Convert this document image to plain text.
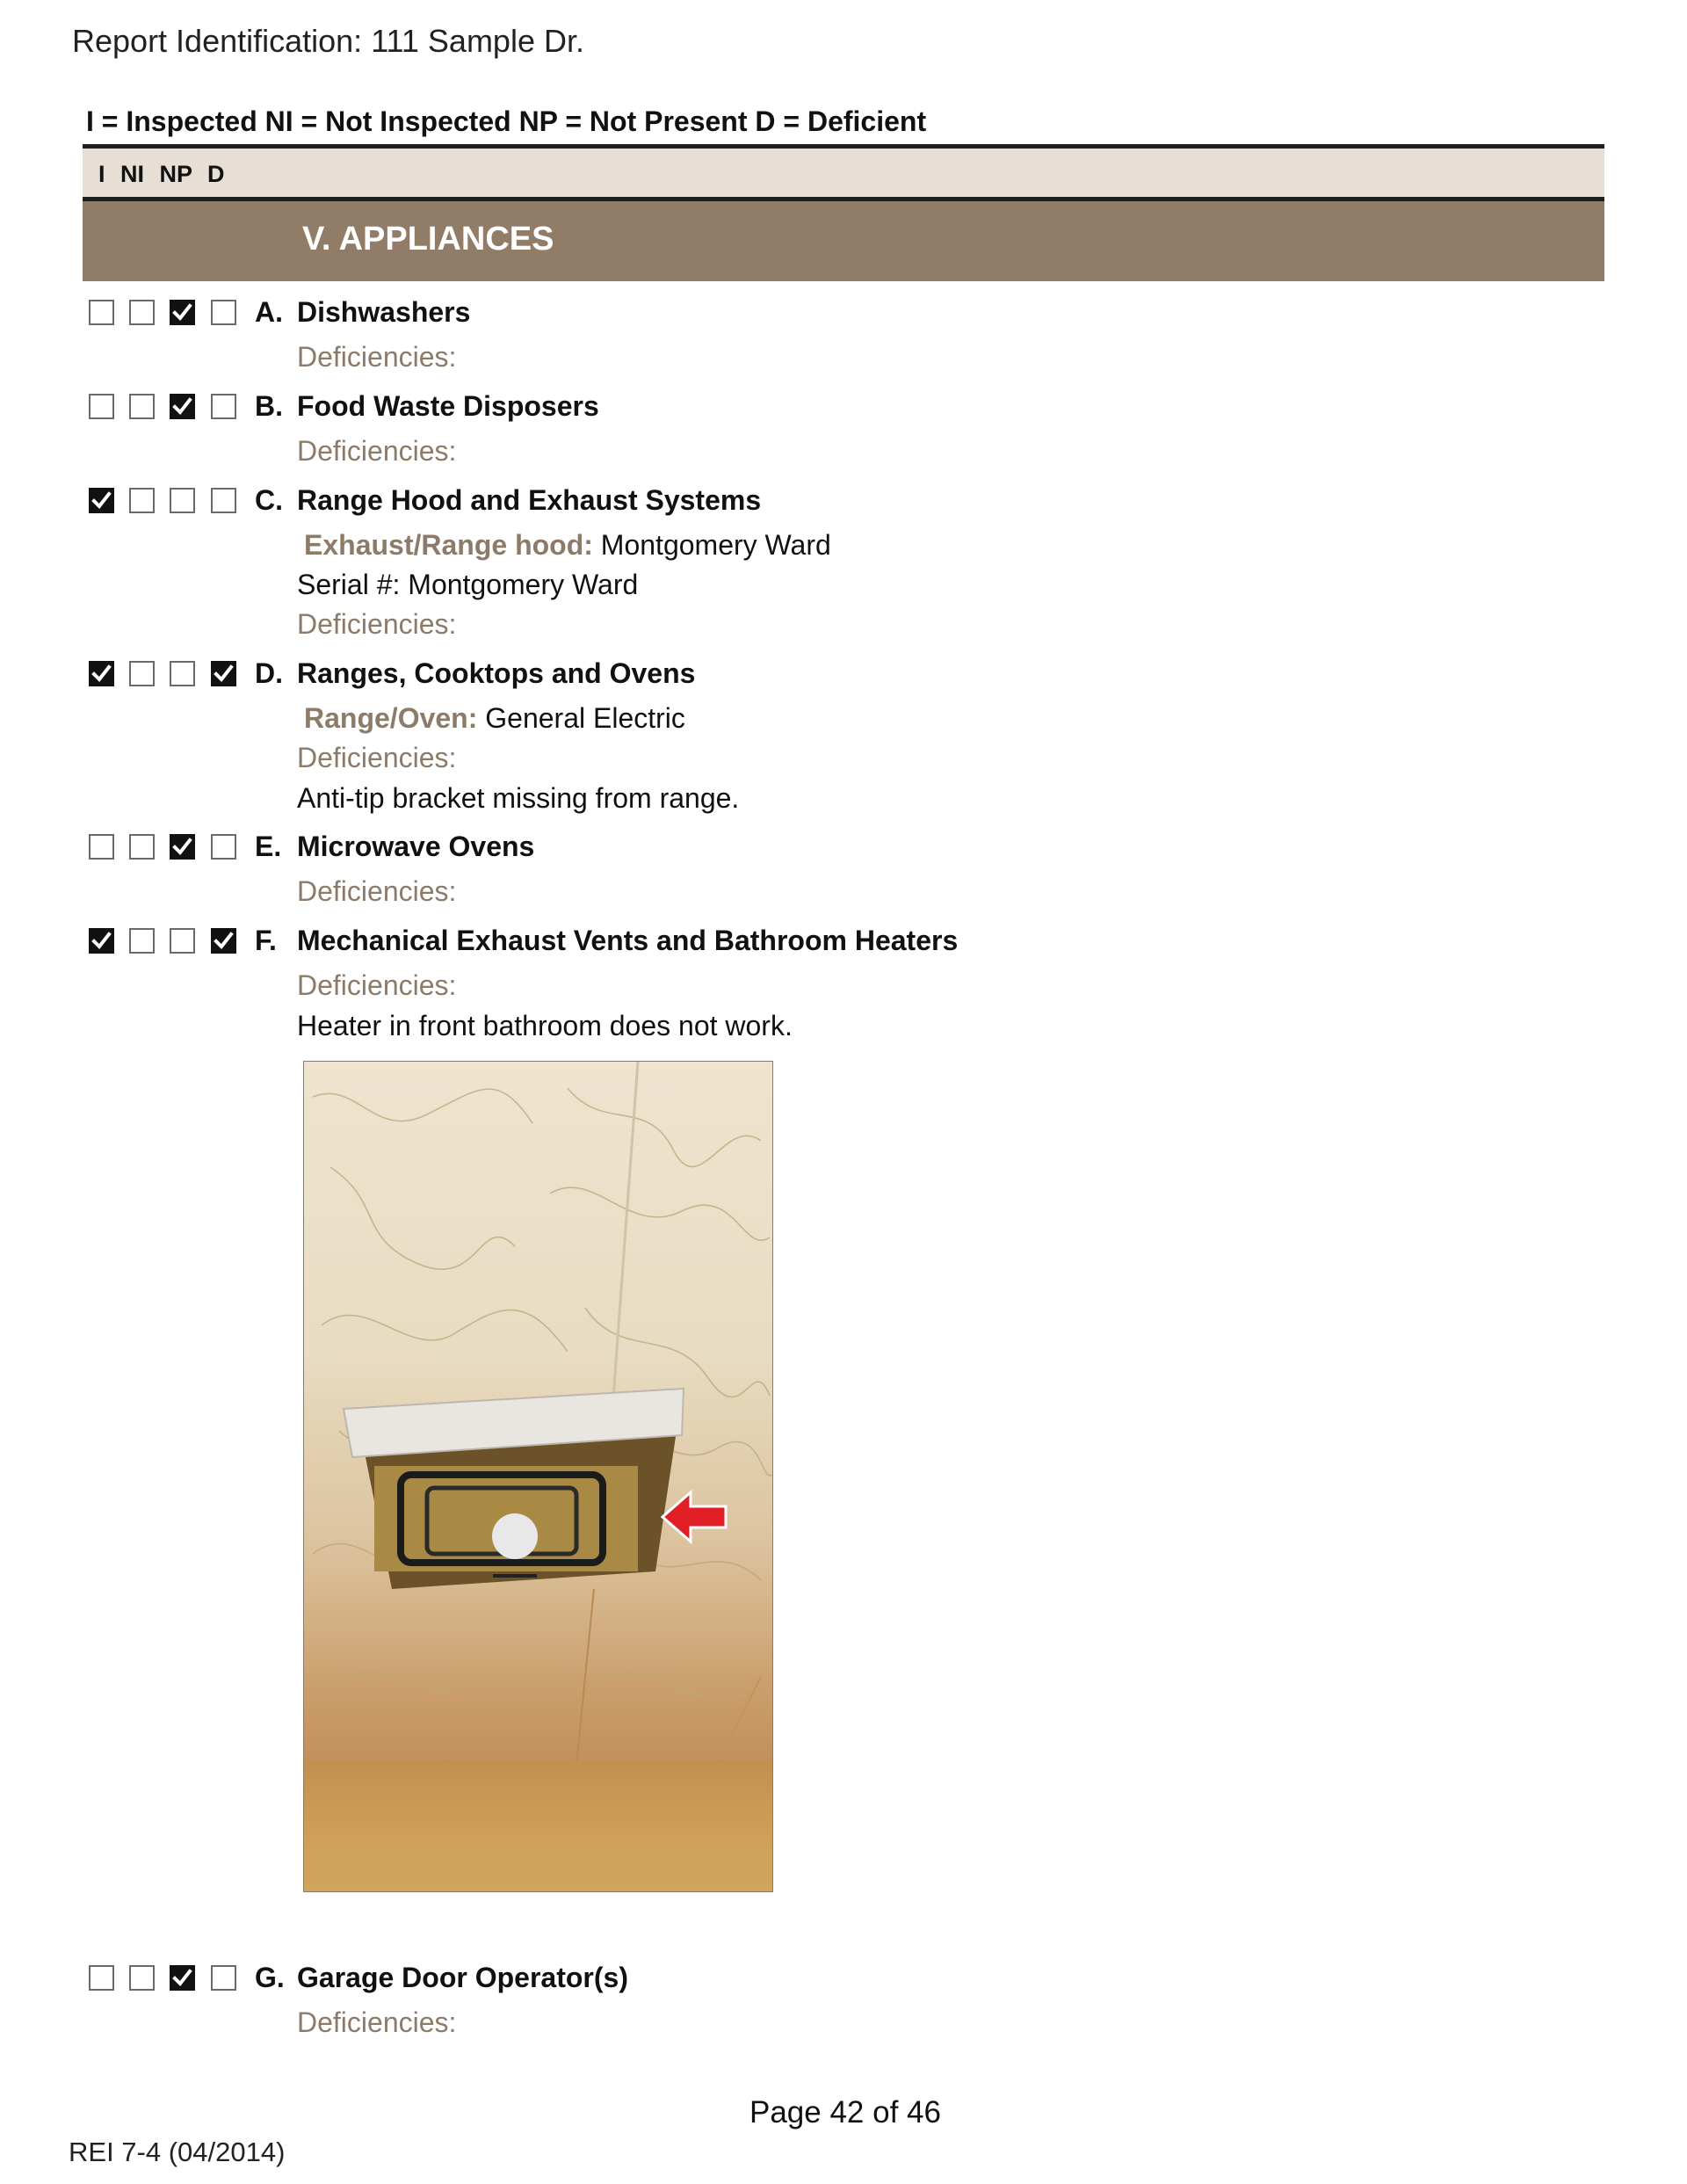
Report Identification: 111 Sample Dr.
I = Inspected NI = Not Inspected NP = Not Present D = Deficient
I NI NP D
V. APPLIANCES
A. Dishwashers
Deficiencies:
B. Food Waste Disposers
Deficiencies:
C. Range Hood and Exhaust Systems
Exhaust/Range hood: Montgomery Ward
Serial #: Montgomery Ward
Deficiencies:
D. Ranges, Cooktops and Ovens
Range/Oven: General Electric
Deficiencies:
Anti-tip bracket missing from range.
E. Microwave Ovens
Deficiencies:
F. Mechanical Exhaust Vents and Bathroom Heaters
Deficiencies:
Heater in front bathroom does not work.
G. Garage Door Operator(s)
Deficiencies:
Page 42 of 46
REI 7-4 (04/2014)
